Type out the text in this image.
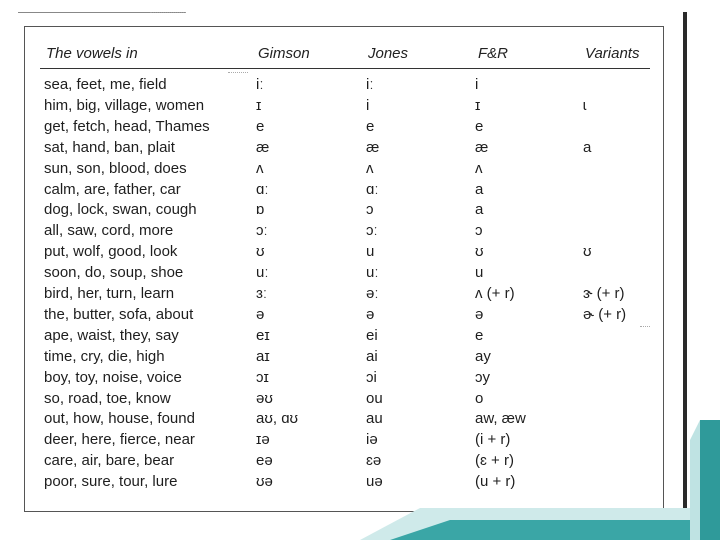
The vowels in	Gimson	Jones	F&R	Variants
sea, feet, me, field	iː	iː	i
him, big, village, women	ɪ	i	ɪ	ɩ
get, fetch, head, Thames	e	e	e
sat, hand, ban, plait	æ	æ	æ	a
sun, son, blood, does	ʌ	ʌ	ʌ
calm, are, father, car	ɑː	ɑː	a
dog, lock, swan, cough	ɒ	ɔ	a
all, saw, cord, more	ɔː	ɔː	ɔ
put, wolf, good, look	ʊ	u	ʊ	ʊ
soon, do, soup, shoe	uː	uː	u
bird, her, turn, learn	ɜː	əː	ʌ (+ r)	ɝ (+ r)
the, butter, sofa, about	ə	ə	ə	ɚ (+ r)
ape, waist, they, say	eɪ	ei	e
time, cry, die, high	aɪ	ai	ay
boy, toy, noise, voice	ɔɪ	ɔi	ɔy
so, road, toe, know	əʊ	ou	o
out, how, house, found	aʊ, ɑʊ	au	aw, æw
deer, here, fierce, near	ɪə	iə	(i + r)
care, air, bare, bear	eə	ɛə	(ɛ + r)
poor, sure, tour, lure	ʊə	uə	(u + r)
